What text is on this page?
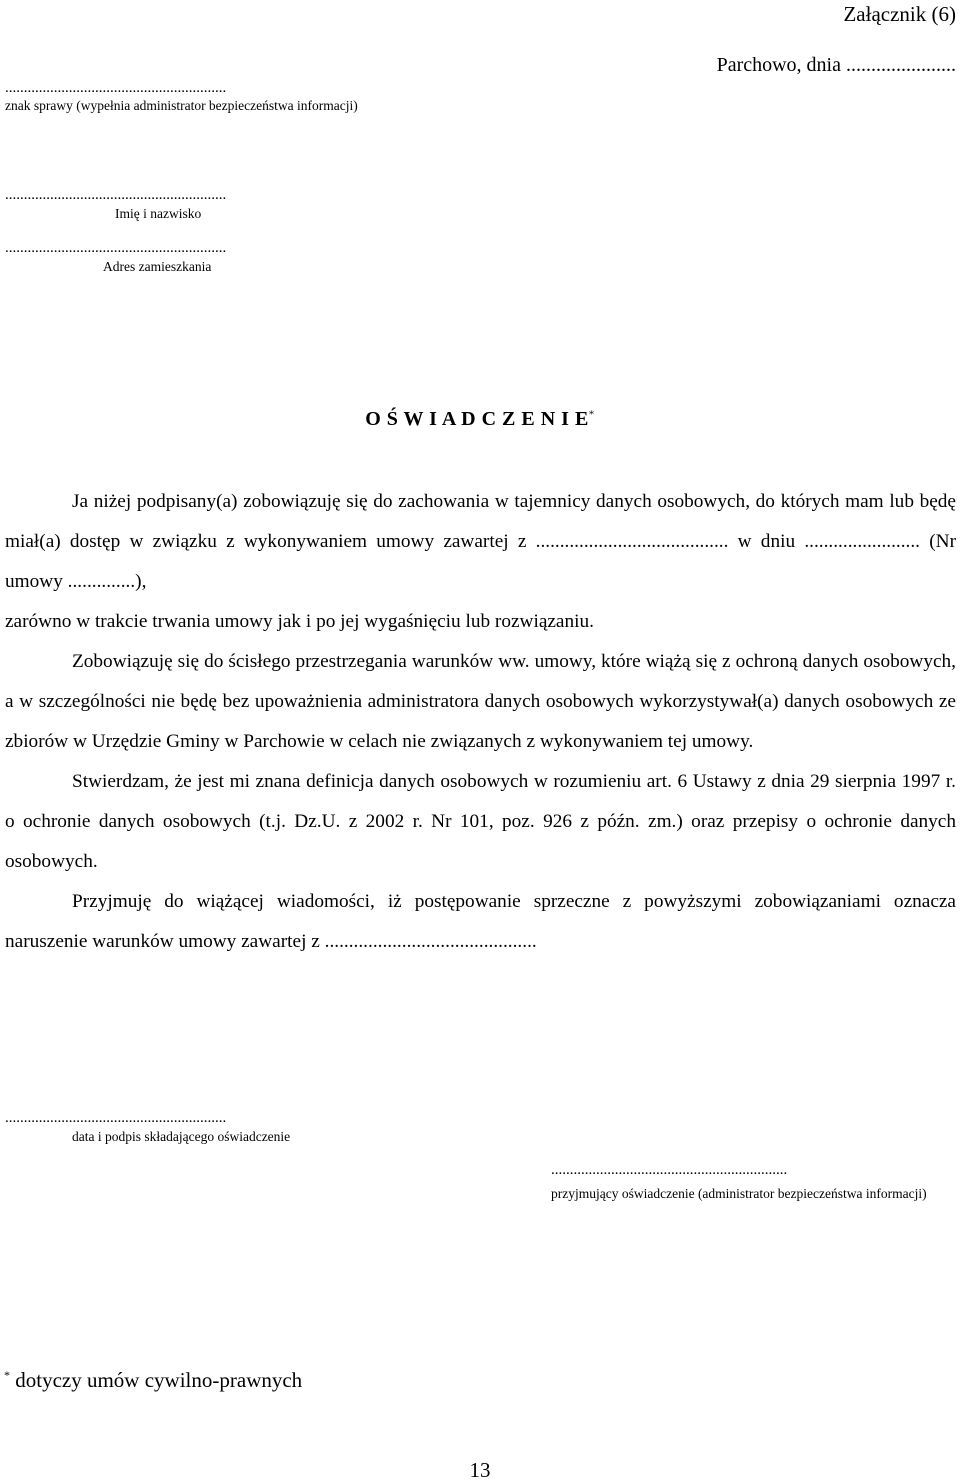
Załącznik (6)
Parchowo, dnia ......................
...........................................................
znak sprawy (wypełnia administrator bezpieczeństwa informacji)
...........................................................
Imię i nazwisko
...........................................................
Adres zamieszkania
O Ś W I A D C Z E N I E*

Ja niżej podpisany(a) zobowiązuję się do zachowania w tajemnicy danych osobowych, do których mam lub będę miał(a) dostęp w związku z wykonywaniem umowy zawartej z ........................................ w dniu ........................ (Nr umowy ..............),

zarówno w trakcie trwania umowy jak i po jej wygaśnięciu lub rozwiązaniu.

Zobowiązuję się do ścisłego przestrzegania warunków ww. umowy, które wiążą się z ochroną danych osobowych, a w szczególności nie będę bez upoważnienia administratora danych osobowych wykorzystywał(a) danych osobowych ze zbiorów w Urzędzie Gminy w Parchowie w celach nie związanych z wykonywaniem tej umowy.

Stwierdzam, że jest mi znana definicja danych osobowych w rozumieniu art. 6 Ustawy z dnia 29 sierpnia 1997 r. o ochronie danych osobowych (t.j. Dz.U. z 2002 r. Nr 101, poz. 926 z późn. zm.) oraz przepisy o ochronie danych osobowych.

Przyjmuję do wiążącej wiadomości, iż postępowanie sprzeczne z powyższymi zobowiązaniami oznacza naruszenie warunków umowy zawartej z ............................................

...........................................................
data i podpis składającego oświadczenie
...............................................................
przyjmujący oświadczenie (administrator bezpieczeństwa informacji)
* dotyczy umów cywilno-prawnych
13
